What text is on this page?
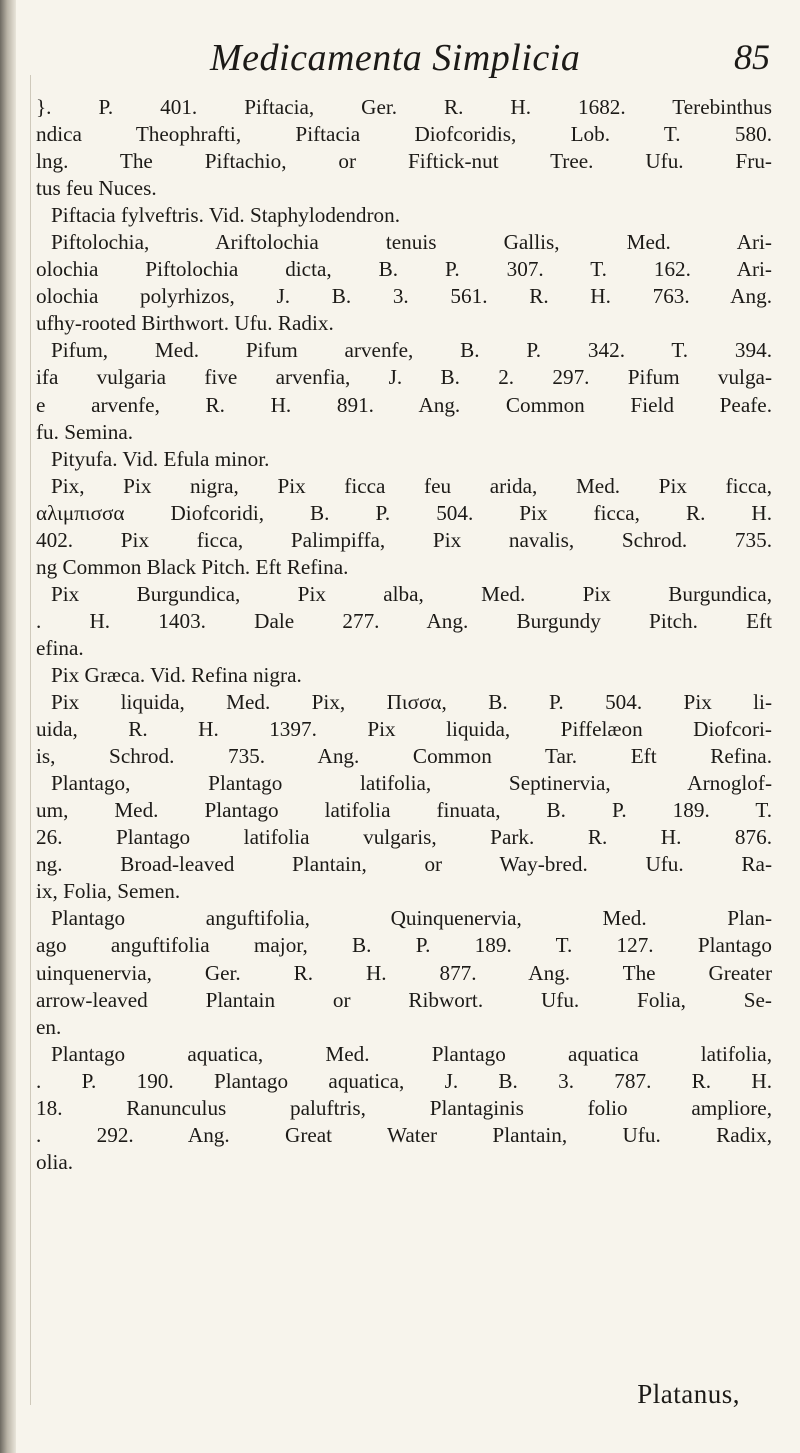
Medicamenta Simplicia	85
}. P. 401. Piftacia, Ger. R. H. 1682. Terebinthus
ndica Theophrafti, Piftacia Diofcoridis, Lob. T. 580.
lng. The Piftachio, or Fiftick-nut Tree. Ufu. Fru-
tus feu Nuces.
Piftacia fylveftris. Vid. Staphylodendron.
Piftolochia, Ariftolochia tenuis Gallis, Med. Ari-
olochia Piftolochia dicta, B. P. 307. T. 162. Ari-
olochia polyrhizos, J. B. 3. 561. R. H. 763. Ang.
ufhy-rooted Birthwort. Ufu. Radix.
Pifum, Med. Pifum arvenfe, B. P. 342. T. 394.
ifa vulgaria five arvenfia, J. B. 2. 297. Pifum vulga-
e arvenfe, R. H. 891. Ang. Common Field Peafe.
fu. Semina.
Pityufa. Vid. Efula minor.
Pix, Pix nigra, Pix ficca feu arida, Med. Pix ficca,
αλιμπισσα Diofcoridi, B. P. 504. Pix ficca, R. H.
402. Pix ficca, Palimpiffa, Pix navalis, Schrod. 735.
ng Common Black Pitch. Eft Refina.
Pix Burgundica, Pix alba, Med. Pix Burgundica,
. H. 1403. Dale 277. Ang. Burgundy Pitch. Eft
efina.
Pix Græca. Vid. Refina nigra.
Pix liquida, Med. Pix, Πισσα, B. P. 504. Pix li-
uida, R. H. 1397. Pix liquida, Piffelæon Diofcori-
is, Schrod. 735. Ang. Common Tar. Eft Refina.
Plantago, Plantago latifolia, Septinervia, Arnoglof-
um, Med. Plantago latifolia finuata, B. P. 189. T.
26. Plantago latifolia vulgaris, Park. R. H. 876.
ng. Broad-leaved Plantain, or Way-bred. Ufu. Ra-
ix, Folia, Semen.
Plantago anguftifolia, Quinquenervia, Med. Plan-
ago anguftifolia major, B. P. 189. T. 127. Plantago
uinquenervia, Ger. R. H. 877. Ang. The Greater
arrow-leaved Plantain or Ribwort. Ufu. Folia, Se-
en.
Plantago aquatica, Med. Plantago aquatica latifolia,
. P. 190. Plantago aquatica, J. B. 3. 787. R. H.
18. Ranunculus paluftris, Plantaginis folio ampliore,
. 292. Ang. Great Water Plantain, Ufu. Radix,
olia.
Platanus,
